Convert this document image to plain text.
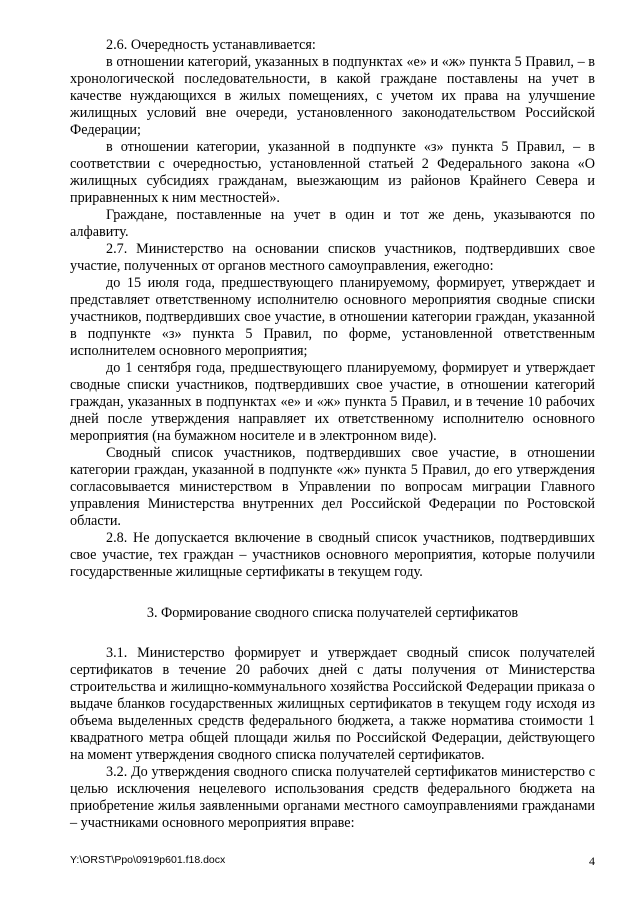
2.6. Очередность устанавливается:

в отношении категорий, указанных в подпунктах «е» и «ж» пункта 5 Правил, – в хронологической последовательности, в какой граждане поставлены на учет в качестве нуждающихся в жилых помещениях, с учетом их права на улучшение жилищных условий вне очереди, установленного законодательством Российской Федерации;

в отношении категории, указанной в подпункте «з» пункта 5 Правил, – в соответствии с очередностью, установленной статьей 2 Федерального закона «О жилищных субсидиях гражданам, выезжающим из районов Крайнего Севера и приравненных к ним местностей».

Граждане, поставленные на учет в один и тот же день, указываются по алфавиту.

2.7. Министерство на основании списков участников, подтвердивших свое участие, полученных от органов местного самоуправления, ежегодно:

до 15 июля года, предшествующего планируемому, формирует, утверждает и представляет ответственному исполнителю основного мероприятия сводные списки участников, подтвердивших свое участие, в отношении категории граждан, указанной в подпункте «з» пункта 5 Правил, по форме, установленной ответственным исполнителем основного мероприятия;

до 1 сентября года, предшествующего планируемому, формирует и утверждает сводные списки участников, подтвердивших свое участие, в отношении категорий граждан, указанных в подпунктах «е» и «ж» пункта 5 Правил, и в течение 10 рабочих дней после утверждения направляет их ответственному исполнителю основного мероприятия (на бумажном носителе и в электронном виде).

Сводный список участников, подтвердивших свое участие, в отношении категории граждан, указанной в подпункте «ж» пункта 5 Правил, до его утверждения согласовывается министерством в Управлении по вопросам миграции Главного управления Министерства внутренних дел Российской Федерации по Ростовской области.

2.8. Не допускается включение в сводный список участников, подтвердивших свое участие, тех граждан – участников основного мероприятия, которые получили государственные жилищные сертификаты в текущем году.

3. Формирование сводного списка получателей сертификатов

3.1. Министерство формирует и утверждает сводный список получателей сертификатов в течение 20 рабочих дней с даты получения от Министерства строительства и жилищно-коммунального хозяйства Российской Федерации приказа о выдаче бланков государственных жилищных сертификатов в текущем году исходя из объема выделенных средств федерального бюджета, а также норматива стоимости 1 квадратного метра общей площади жилья по Российской Федерации, действующего на момент утверждения сводного списка получателей сертификатов.

3.2. До утверждения сводного списка получателей сертификатов министерство с целью исключения нецелевого использования средств федерального бюджета на приобретение жилья заявленными органами местного самоуправлениями гражданами – участниками основного мероприятия вправе:

Y:\ORST\Ppo\0919p601.f18.docx	4
